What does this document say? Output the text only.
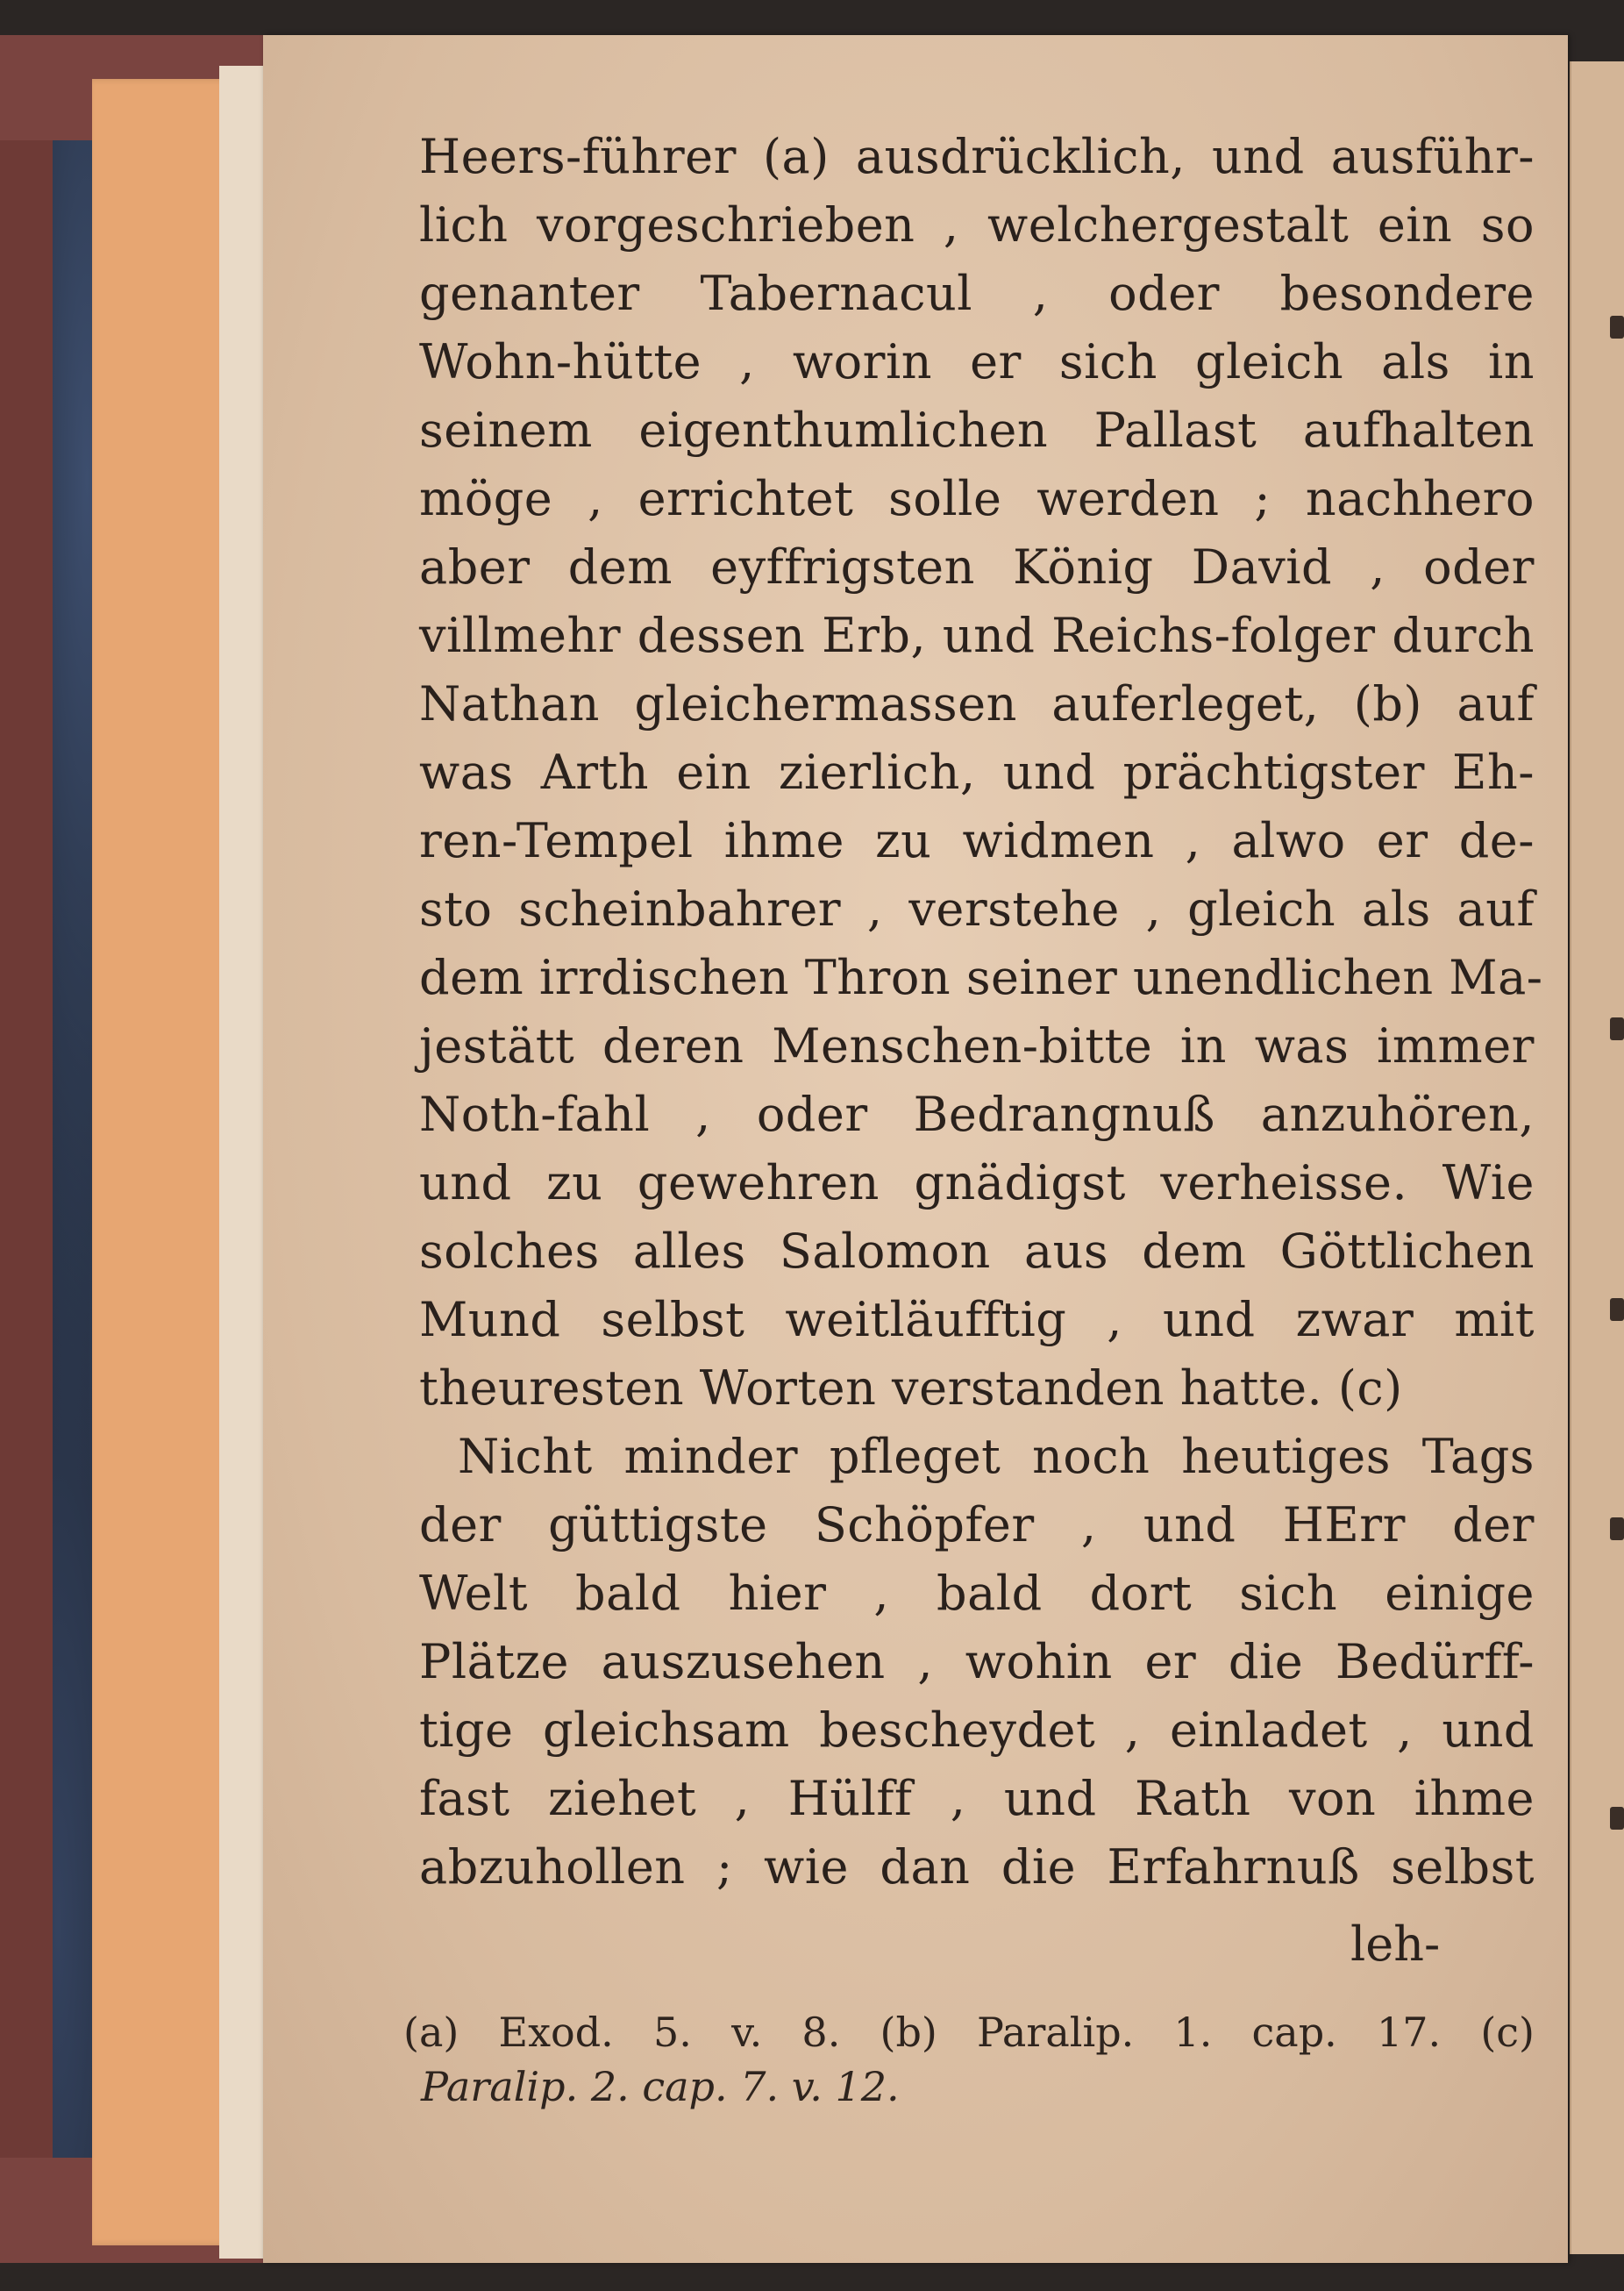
Heers-führer (a) ausdrücklich, und ausführ-
lich vorgeschrieben , welchergestalt ein so
genanter Tabernacul , oder besondere
Wohn-hütte , worin er sich gleich als in
seinem eigenthumlichen Pallast aufhalten
möge , errichtet solle werden ; nachhero
aber dem eyffrigsten König David , oder
villmehr dessen Erb, und Reichs-folger durch
Nathan gleichermassen auferleget, (b) auf
was Arth ein zierlich, und prächtigster Eh-
ren-Tempel ihme zu widmen , alwo er de-
sto scheinbahrer , verstehe , gleich als auf
dem irrdischen Thron seiner unendlichen Ma-
jestätt deren Menschen-bitte in was immer
Noth-fahl , oder Bedrangnuß anzuhören,
und zu gewehren gnädigst verheisse. Wie
solches alles Salomon aus dem Göttlichen
Mund selbst weitläufftig , und zwar mit
theuresten Worten verstanden hatte. (c)
Nicht minder pfleget noch heutiges Tags
der güttigste Schöpfer , und HErr der
Welt bald hier , bald dort sich einige
Plätze auszusehen , wohin er die Bedürff-
tige gleichsam bescheydet , einladet , und
fast ziehet , Hülff , und Rath von ihme
abzuhollen ; wie dan die Erfahrnuß selbst
leh-
(a) Exod. 5. v. 8. (b) Paralip. 1. cap. 17. (c)
Paralip. 2. cap. 7. v. 12.
